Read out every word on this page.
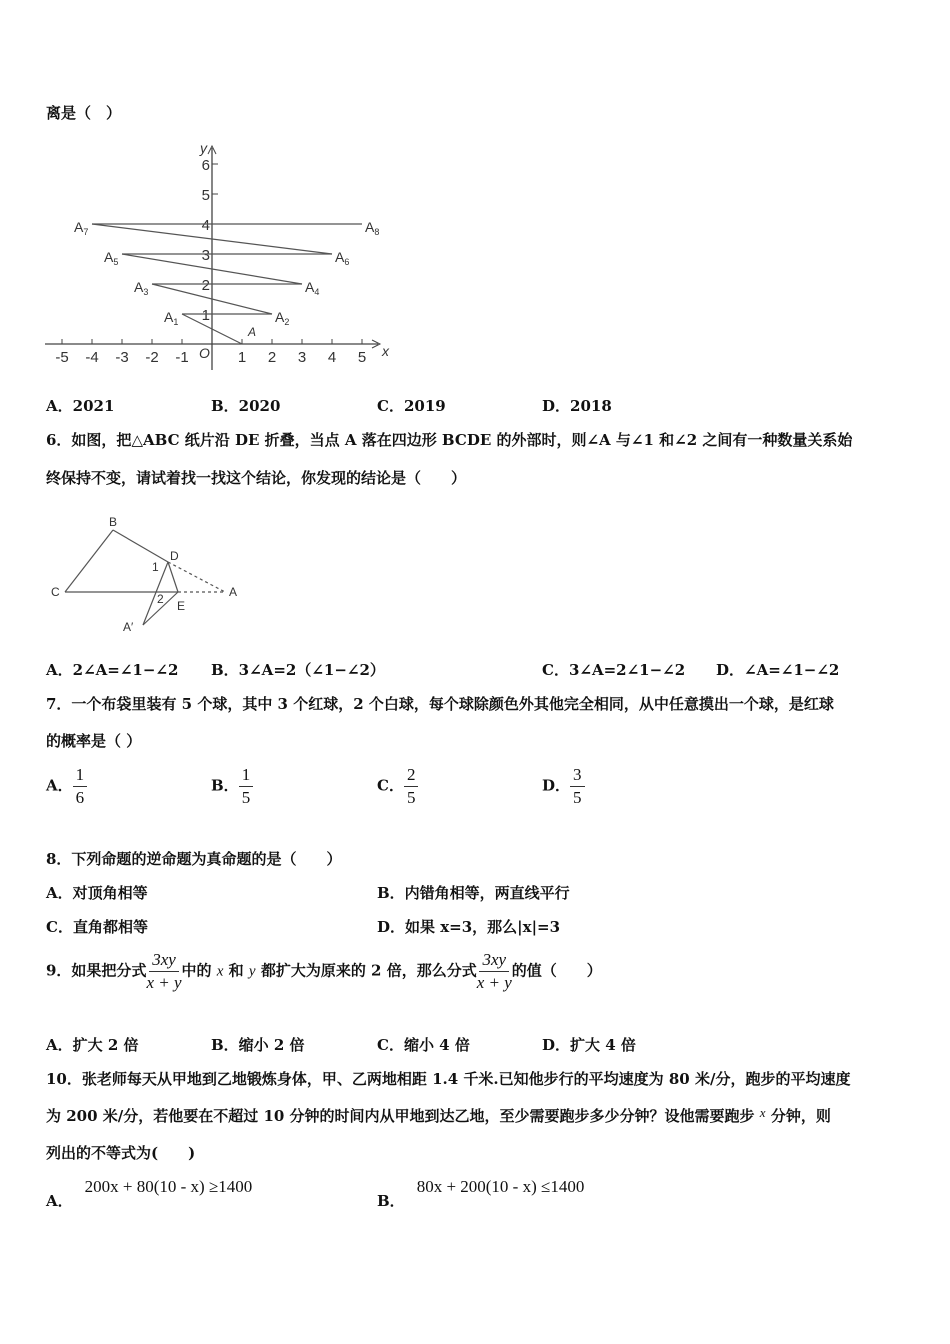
离是（　）
x
y
O
-5 -4 -3 -2 -1	1 2 3 4 5
1
2
3
4
5
6
A
$A_1$	$A_2$
$A_3$	$A_4$
$A_5$	$A_6$
$A_7$	$A_8$
A．2021	B．2020	C．2019	D．2018
6．如图，把△ABC 纸片沿 DE 折叠，当点 A 落在四边形 BCDE 的外部时，则∠A 与∠1 和∠2 之间有一种数量关系始
终保持不变，请试着找一找这个结论，你发现的结论是（　　）
B
C
D
E
A
A′
1
2
A．2∠A=∠1−∠2 B．3∠A=2（∠1−∠2）	C．3∠A=2∠1−∠2 D．∠A=∠1−∠2
7．一个布袋里装有 5 个球，其中 3 个红球，2 个白球，每个球除颜色外其他完全相同，从中任意摸出一个球，是红球
的概率是（ ）
A． $\frac{1}{6}$	B． $\frac{1}{5}$	C． $\frac{2}{5}$	D． $\frac{3}{5}$
8．下列命题的逆命题为真命题的是（　　）
A．对顶角相等	B．内错角相等，两直线平行
C．直角都相等	D．如果 x=3，那么|x|=3
9．如果把分式 $\frac{3xy}{x + y}$ 中的 x 和 y 都扩大为原来的 2 倍，那么分式 $\frac{3xy}{x + y}$ 的值（　　）
A．扩大 2 倍	B．缩小 2 倍	C．缩小 4 倍	D．扩大 4 倍
10．张老师每天从甲地到乙地锻炼身体，甲、乙两地相距 1.4 千米.已知他步行的平均速度为 80 米/分，跑步的平均速度
为 200 米/分，若他要在不超过 10 分钟的时间内从甲地到达乙地，至少需要跑步多少分钟？设他需要跑步 x 分钟，则
列出的不等式为(　　)
A．200x + 80(10 - x) ≥1400
B．80x + 200(10 - x) ≤1400
